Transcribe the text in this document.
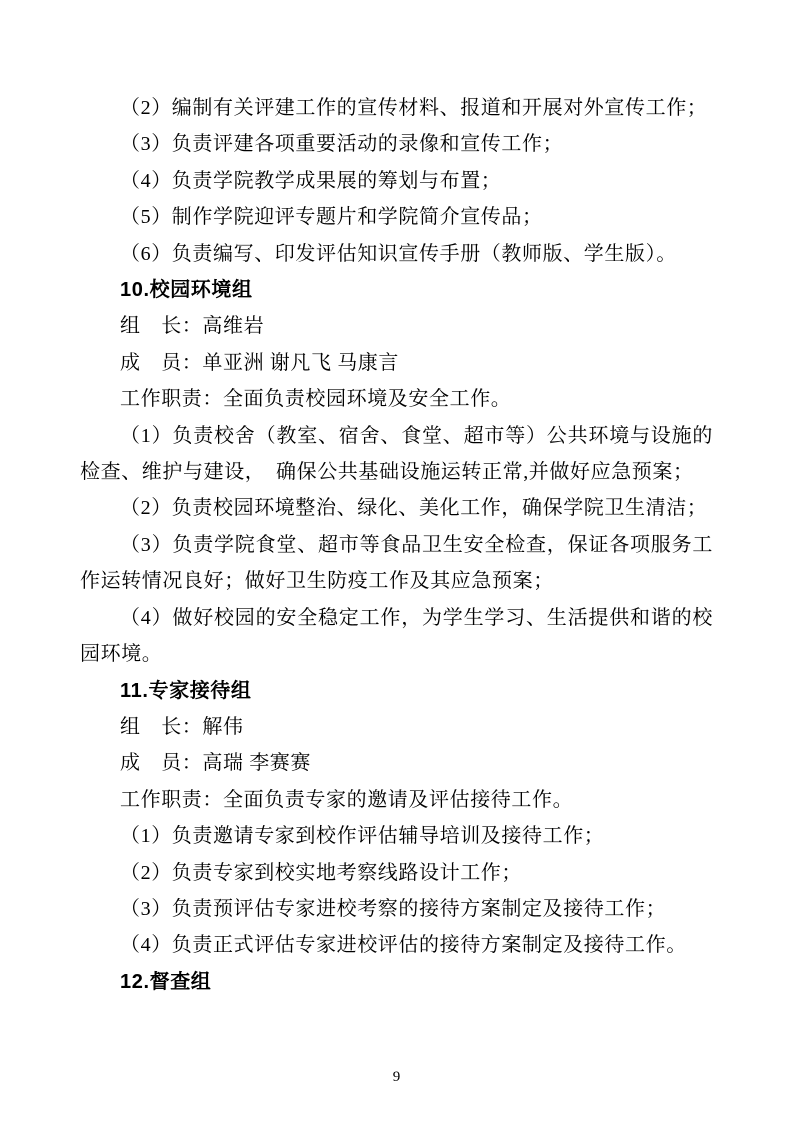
（2）编制有关评建工作的宣传材料、报道和开展对外宣传工作；

（3）负责评建各项重要活动的录像和宣传工作；

（4）负责学院教学成果展的筹划与布置；

（5）制作学院迎评专题片和学院简介宣传品；

（6）负责编写、印发评估知识宣传手册（教师版、学生版）。

10.校园环境组

组　长：高维岩

成　员：单亚洲 谢凡飞 马康言

工作职责：全面负责校园环境及安全工作。

（1）负责校舍（教室、宿舍、食堂、超市等）公共环境与设施的检查、维护与建设，　确保公共基础设施运转正常,并做好应急预案；

（2）负责校园环境整治、绿化、美化工作，确保学院卫生清洁；

（3）负责学院食堂、超市等食品卫生安全检查，保证各项服务工作运转情况良好；做好卫生防疫工作及其应急预案；

（4）做好校园的安全稳定工作，为学生学习、生活提供和谐的校园环境。

11.专家接待组

组　长：解伟

成　员：高瑞 李赛赛

工作职责：全面负责专家的邀请及评估接待工作。

（1）负责邀请专家到校作评估辅导培训及接待工作；

（2）负责专家到校实地考察线路设计工作；

（3）负责预评估专家进校考察的接待方案制定及接待工作；

（4）负责正式评估专家进校评估的接待方案制定及接待工作。

12.督查组

9
